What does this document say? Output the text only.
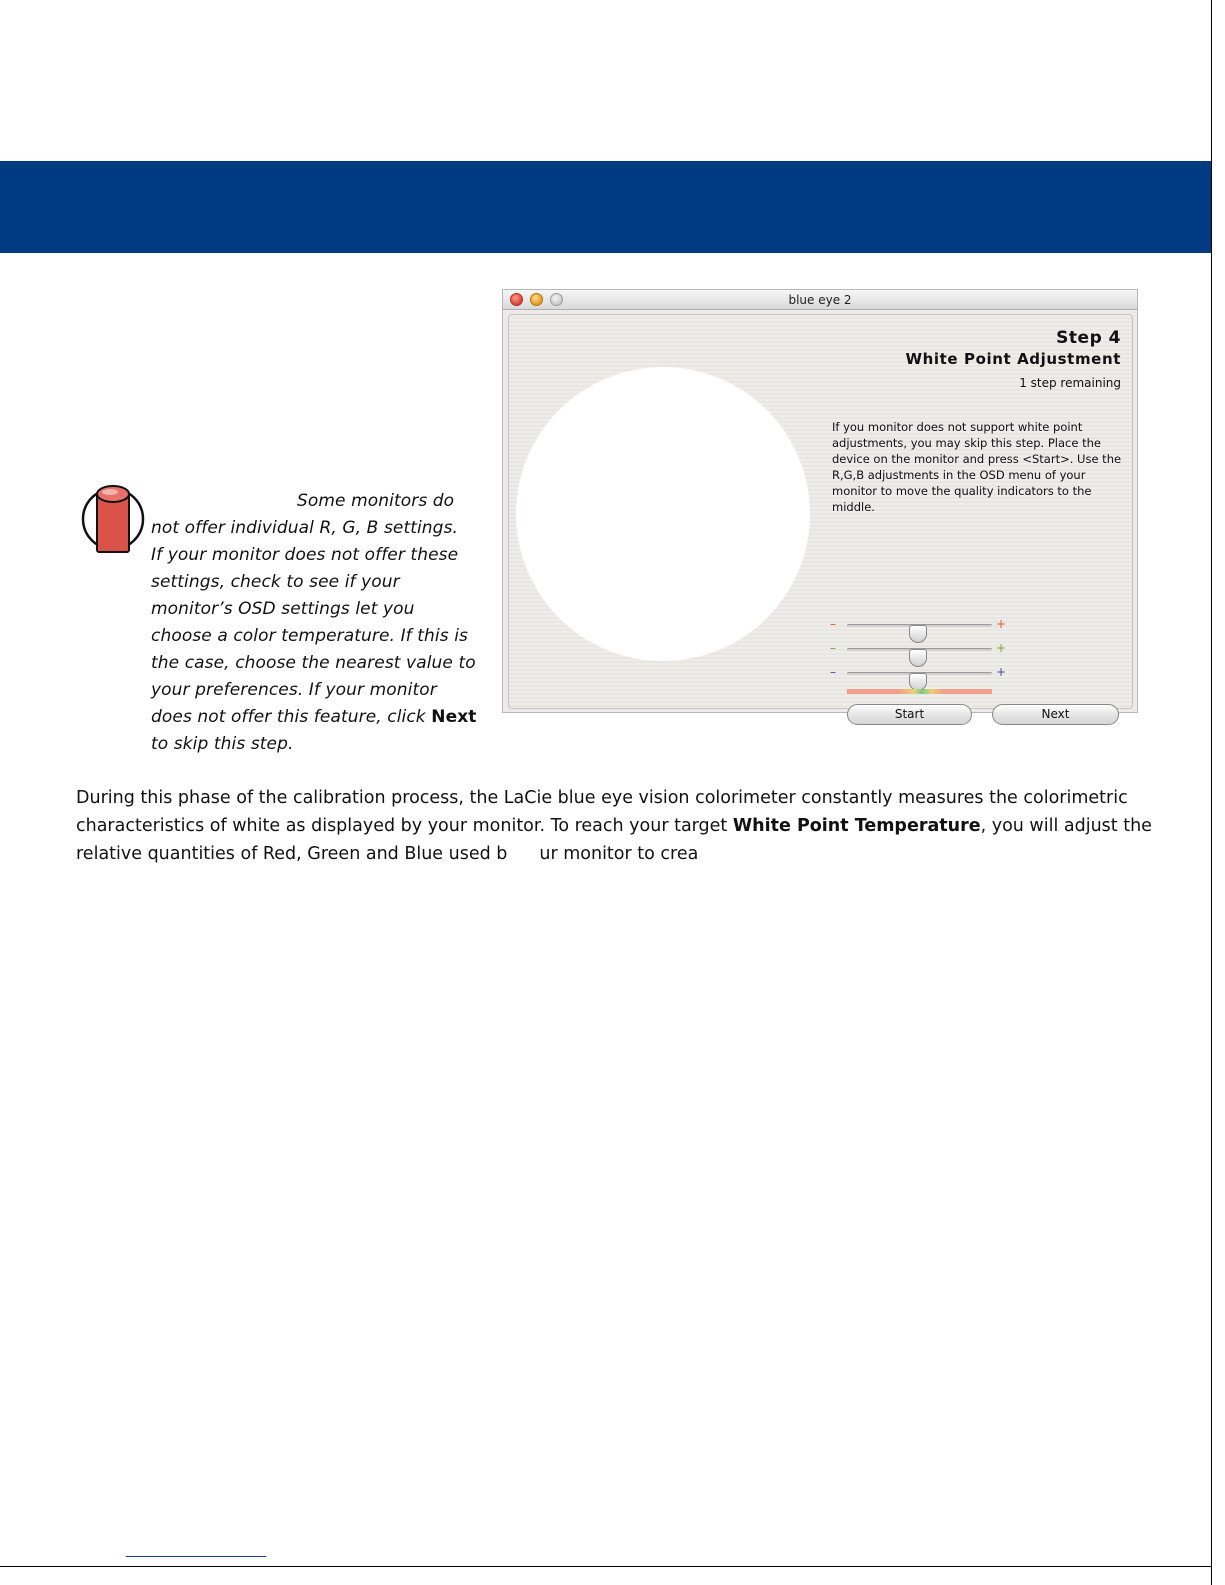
Some monitors do
not offer individual R, G, B settings.
If your monitor does not offer these
settings, check to see if your
monitor’s OSD settings let you
choose a color temperature. If this is
the case, choose the nearest value to
your preferences. If your monitor
does not offer this feature, click Next
to skip this step.
blue eye 2
Step 4
White Point Adjustment
1 step remaining
If you monitor does not support white point adjustments, you may skip this step. Place the device on the monitor and press <Start>. Use the R,G,B adjustments in the OSD menu of your monitor to move the quality indicators to the middle.
–	+
–	+
–	+
Start	Next
During this phase of the calibration process, the LaCie blue eye vision colorimeter constantly measures the colorimetric
characteristics of white as displayed by your monitor. To reach your target White Point Temperature, you will adjust the
relative quantities of Red, Green and Blue used b ur monitor to crea
